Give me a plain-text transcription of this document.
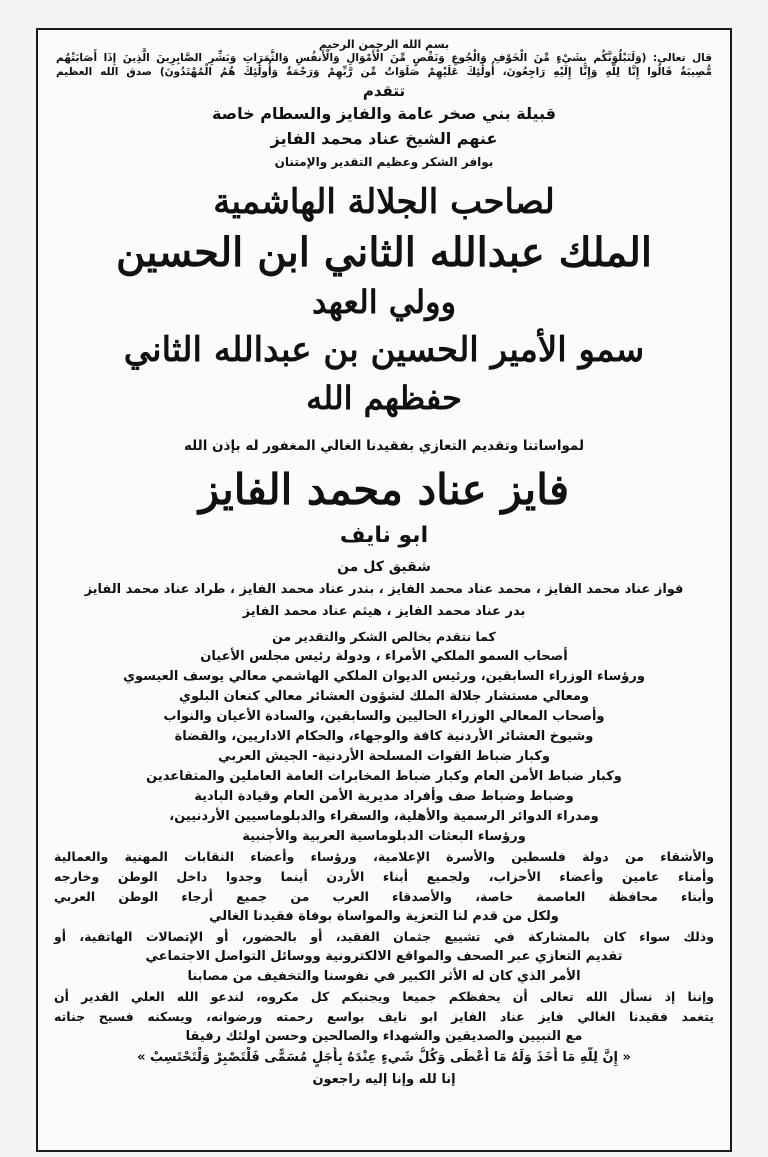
بسم الله الرحمن الرحيم

قال تعالى: (وَلَنَبْلُوَنَّكُم بِشَيْءٍ مِّنَ الْخَوْفِ وَالْجُوعِ وَنَقْصٍ مِّنَ الْأَمْوَالِ وَالْأَنفُسِ وَالثَّمَرَاتِ وَبَشِّرِ الصَّابِرِينَ الَّذِينَ إِذَا أَصَابَتْهُم
مُّصِيبَةٌ قَالُوا إِنَّا لِلَّهِ وَإِنَّا إِلَيْهِ رَاجِعُونَ، أُولَٰئِكَ عَلَيْهِمْ صَلَوَاتٌ مِّن رَّبِّهِمْ وَرَحْمَةٌ وَأُولَٰئِكَ هُمُ الْمُهْتَدُونَ) صدق الله العظيم

تتقدم

قبيلة بني صخر عامة والفايز والسطام خاصة

عنهم الشيخ عناد محمد الفايز

بوافر الشكر وعظيم التقدير والإمتنان

لصاحب الجلالة الهاشمية

الملك عبدالله الثاني ابن الحسين

وولي العهد

سمو الأمير الحسين بن عبدالله الثاني

حفظهم الله

لمواساتنا وتقديم التعازي بفقيدنا الغالي المغفور له بإذن الله

فايز عناد محمد الفايز

ابو نايف

شقيق كل من

فواز عناد محمد الفايز ، محمد عناد محمد الفايز ، بندر عناد محمد الفايز ، طراد عناد محمد الفايز

بدر عناد محمد الفايز ، هيثم عناد محمد الفايز

كما نتقدم بخالص الشكر والتقدير من

أصحاب السمو الملكي الأمراء ، ودولة رئيس مجلس الأعيان

ورؤساء الوزراء السابقين، ورئيس الديوان الملكي الهاشمي معالي يوسف العيسوي

ومعالي مستشار جلالة الملك لشؤون العشائر معالي كنعان البلوي

وأصحاب المعالي الوزراء الحاليين والسابقين، والسادة الأعيان والنواب

وشيوخ العشائر الأردنية كافة والوجهاء، والحكام الاداريين، والقضاة

وكبار ضباط القوات المسلحة الأردنية- الجيش العربي

وكبار ضباط الأمن العام وكبار ضباط المخابرات العامة العاملين والمتقاعدين

وضباط وضباط صف وأفراد مديرية الأمن العام وقيادة البادية

ومدراء الدوائر الرسمية والأهلية، والسفراء والدبلوماسيين الأردنيين،

ورؤساء البعثات الدبلوماسية العربية والأجنبية

والأشقاء من دولة فلسطين والأسرة الإعلامية، ورؤساء وأعضاء النقابات المهنية والعمالية

وأمناء عامين وأعضاء الأحزاب، ولجميع أبناء الأردن أينما وجدوا داخل الوطن وخارجه

وأبناء محافظة العاصمة خاصة، والأصدقاء العرب من جميع أرجاء الوطن العربي

ولكل من قدم لنا التعزية والمواساة بوفاة فقيدنا الغالي

وذلك سواء كان بالمشاركة في تشييع جثمان الفقيد، أو بالحضور، أو الإتصالات الهاتفية، أو

تقديم التعازي عبر الصحف والمواقع الالكترونية ووسائل التواصل الاجتماعي

الأمر الذي كان له الأثر الكبير في نفوسنا والتخفيف من مصابنا

وإننا إذ نسأل الله تعالى أن يحفظكم جميعا ويجنبكم كل مكروه، لندعو الله العلي القدير أن

يتغمد فقيدنا الغالي فايز عناد الفايز ابو نايف بواسع رحمته ورضوانه، ويسكنه فسيح جناته

مع النبيين والصديقين والشهداء والصالحين وحسن اولئك رفيقا

« إِنَّ لِلَّهِ مَا أَخَذَ وَلَهُ مَا أَعْطَى وَكُلُّ شَيءٍ عِنْدَهُ بِأَجَلٍ مُسَمًّى فَلْتَصْبِرْ وَلْتَحْتَسِبْ »

إنا لله وإنا إليه راجعون
